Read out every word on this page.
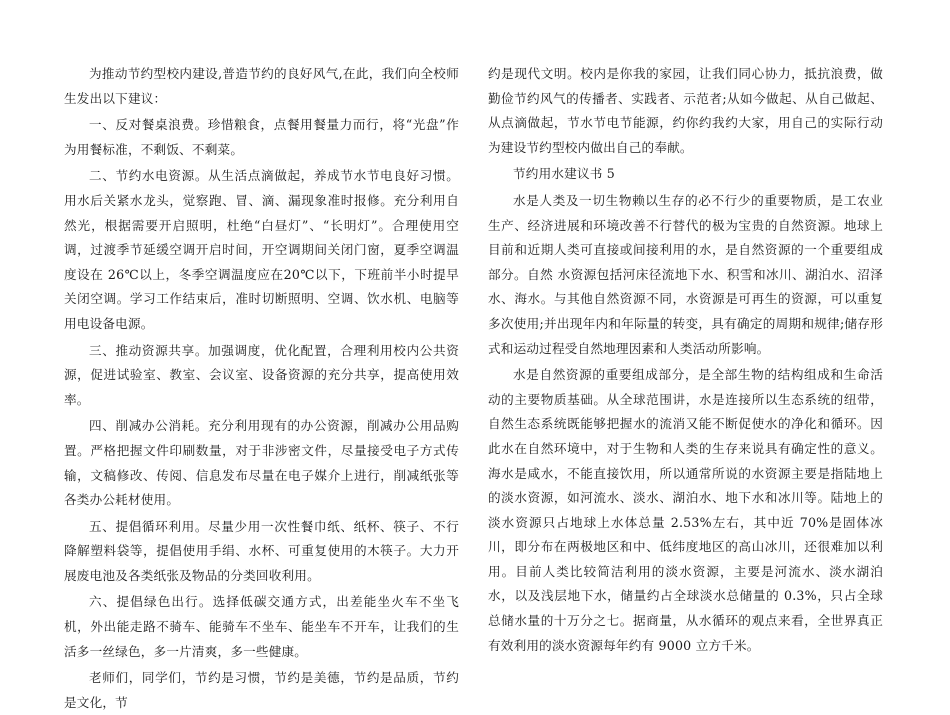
为推动节约型校内建设,普造节约的良好风气,在此，我们向全校师生发出以下建议：

一、反对餐桌浪费。珍惜粮食，点餐用餐量力而行，将“光盘”作为用餐标准，不剩饭、不剩菜。

二、节约水电资源。从生活点滴做起，养成节水节电良好习惯。用水后关紧水龙头，觉察跑、冒、滴、漏现象准时报修。充分利用自然光，根据需要开启照明，杜绝“白昼灯”、“长明灯”。合理使用空调，过渡季节延缓空调开启时间，开空调期间关闭门窗，夏季空调温度设在 26℃以上，冬季空调温度应在20℃以下，下班前半小时提早关闭空调。学习工作结束后，准时切断照明、空调、饮水机、电脑等用电设备电源。

三、推动资源共享。加强调度，优化配置，合理利用校内公共资源，促进试验室、教室、会议室、设备资源的充分共享，提高使用效率。

四、削减办公消耗。充分利用现有的办公资源，削减办公用品购置。严格把握文件印刷数量，对于非涉密文件，尽量接受电子方式传输，文稿修改、传阅、信息发布尽量在电子媒介上进行，削减纸张等各类办公耗材使用。

五、提倡循环利用。尽量少用一次性餐巾纸、纸杯、筷子、不行降解塑料袋等，提倡使用手绢、水杯、可重复使用的木筷子。大力开展废电池及各类纸张及物品的分类回收利用。

六、提倡绿色出行。选择低碳交通方式，出差能坐火车不坐飞机，外出能走路不骑车、能骑车不坐车、能坐车不开车，让我们的生活多一丝绿色，多一片清爽，多一些健康。

老师们，同学们，节约是习惯，节约是美德，节约是品质，节约是文化，节

约是现代文明。校内是你我的家园，让我们同心协力，抵抗浪费，做勤俭节约风气的传播者、实践者、示范者;从如今做起、从自己做起、从点滴做起，节水节电节能源，约你约我约大家，用自己的实际行动为建设节约型校内做出自己的奉献。

节约用水建议书 5

水是人类及一切生物赖以生存的必不行少的重要物质，是工农业生产、经济进展和环境改善不行替代的极为宝贵的自然资源。地球上目前和近期人类可直接或间接利用的水，是自然资源的一个重要组成部分。自然 水资源包括河床径流地下水、积雪和冰川、湖泊水、沼泽水、海水。与其他自然资源不同，水资源是可再生的资源，可以重复多次使用;并出现年内和年际量的转变，具有确定的周期和规律;储存形式和运动过程受自然地理因素和人类活动所影响。

水是自然资源的重要组成部分，是全部生物的结构组成和生命活动的主要物质基础。从全球范围讲，水是连接所以生态系统的纽带，自然生态系统既能够把握水的流消又能不断促使水的净化和循环。因此水在自然环境中，对于生物和人类的生存来说具有确定性的意义。海水是咸水，不能直接饮用，所以通常所说的水资源主要是指陆地上的淡水资源，如河流水、淡水、湖泊水、地下水和冰川等。陆地上的淡水资源只占地球上水体总量 2.53%左右，其中近 70%是固体冰川，即分布在两极地区和中、低纬度地区的高山冰川，还很难加以利用。目前人类比较简洁利用的淡水资源，主要是河流水、淡水湖泊水，以及浅层地下水，储量约占全球淡水总储量的 0.3%，只占全球总储水量的十万分之七。据商量，从水循环的观点来看，全世界真正有效利用的淡水资源每年约有 9000 立方千米。
